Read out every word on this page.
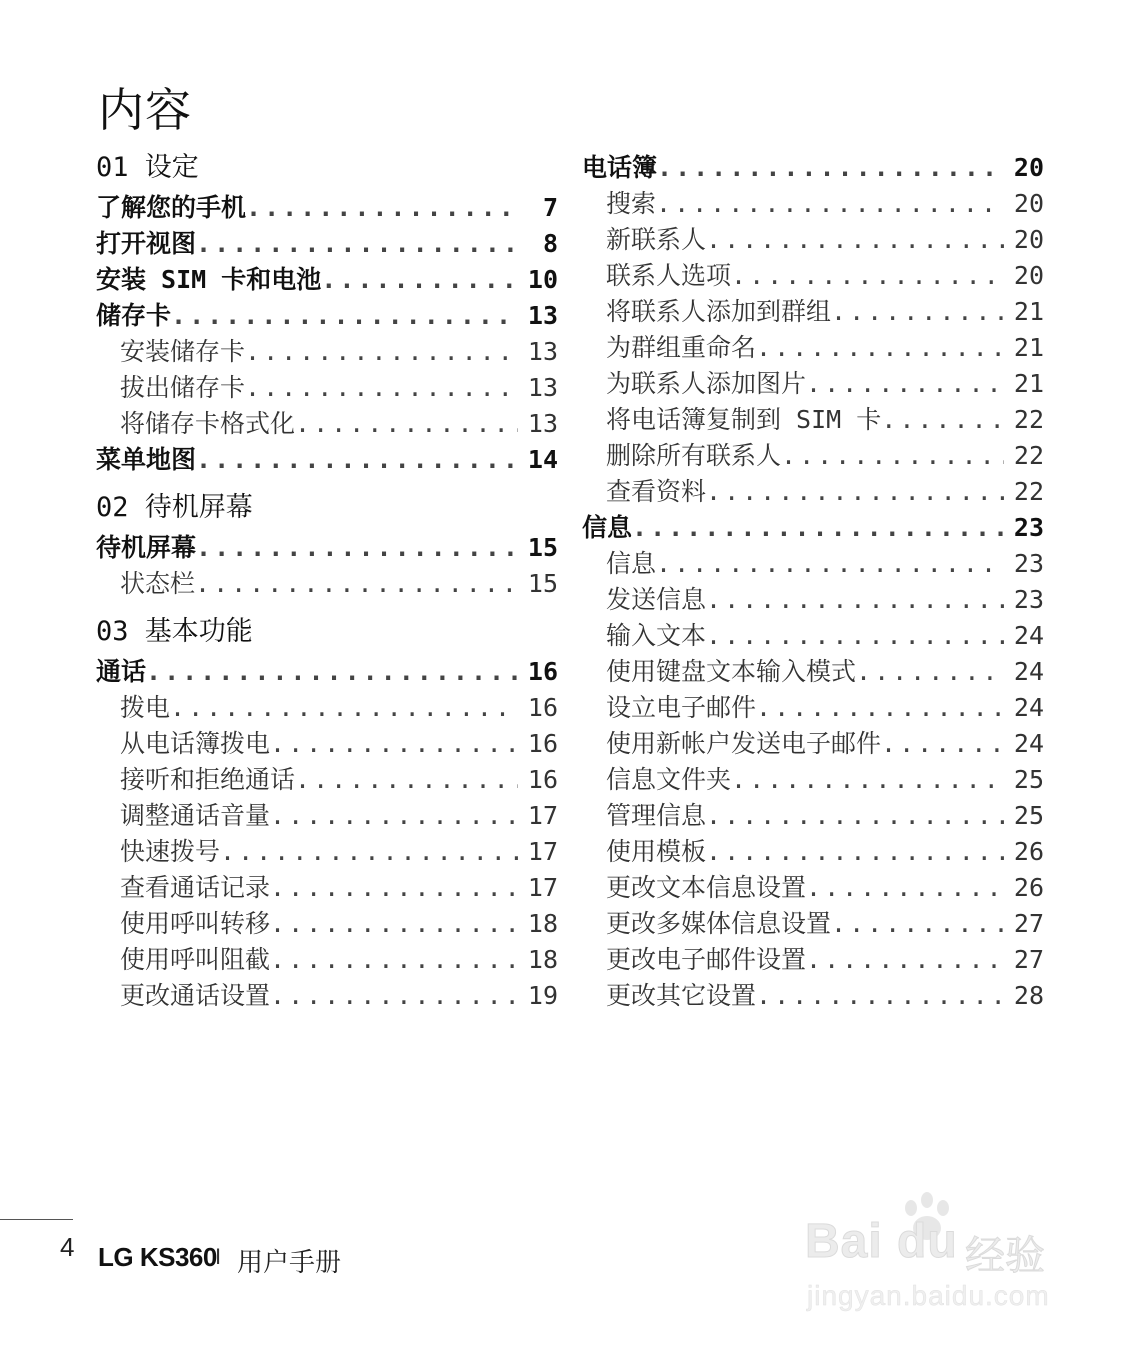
内容
01 设定
了解您的手机 .....	7
打开视图 .....	8
安装 SIM 卡和电池 .....	10
储存卡 .....	13
安装储存卡 .....	13
拔出储存卡 .....	13
将储存卡格式化 .....	13
菜单地图 .....	14
02 待机屏幕
待机屏幕 .....	15
状态栏 .....	15
03 基本功能
通话 .....	16
拨电 .....	16
从电话簿拨电 .....	16
接听和拒绝通话 .....	16
调整通话音量 .....	17
快速拨号 .....	17
查看通话记录 .....	17
使用呼叫转移 .....	18
使用呼叫阻截 .....	18
更改通话设置 .....	19
电话簿 .....	20
搜索 .....	20
新联系人 .....	20
联系人选项 .....	20
将联系人添加到群组 .....	21
为群组重命名 .....	21
为联系人添加图片 .....	21
将电话簿复制到 SIM 卡 .....	22
删除所有联系人 .....	22
查看资料 .....	22
信息 .....	23
信息 .....	23
发送信息 .....	23
输入文本 .....	24
使用键盘文本输入模式 .....	24
设立电子邮件 .....	24
使用新帐户发送电子邮件 .....	24
信息文件夹 .....	25
管理信息 .....	25
使用模板 .....	26
更改文本信息设置 .....	26
更改多媒体信息设置 .....	27
更改电子邮件设置 .....	27
更改其它设置 .....	28
4 LG KS360
I 用户手册	Bai du 经验
jingyan.baidu.com
